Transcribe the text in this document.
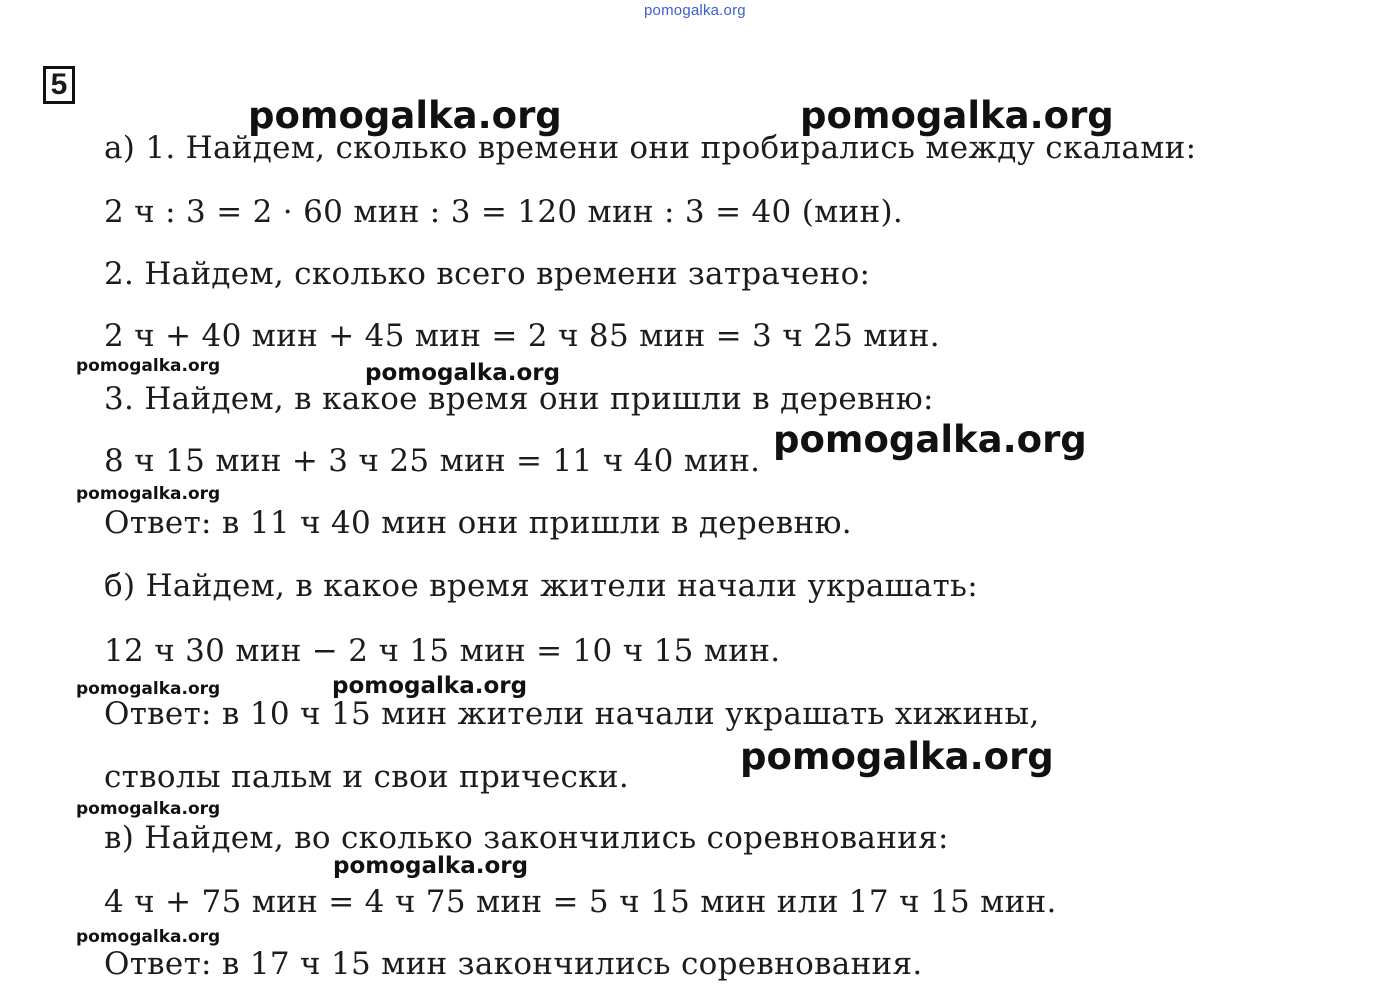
pomogalka.org
5
а) 1. Найдем, сколько времени они пробирались между скалами:
2 ч : 3 = 2 · 60 мин : 3 = 120 мин : 3 = 40 (мин).
2. Найдем, сколько всего времени затрачено:
2 ч + 40 мин + 45 мин = 2 ч 85 мин = 3 ч 25 мин.
3. Найдем, в какое время они пришли в деревню:
8 ч 15 мин + 3 ч 25 мин = 11 ч 40 мин.
Ответ: в 11 ч 40 мин они пришли в деревню.
б) Найдем, в какое время жители начали украшать:
12 ч 30 мин − 2 ч 15 мин = 10 ч 15 мин.
Ответ: в 10 ч 15 мин жители начали украшать хижины,
стволы пальм и свои прически.
в) Найдем, во сколько закончились соревнования:
4 ч + 75 мин = 4 ч 75 мин = 5 ч 15 мин или 17 ч 15 мин.
Ответ: в 17 ч 15 мин закончились соревнования.
pomogalka.org	pomogalka.org
pomogalka.org	pomogalka.org
pomogalka.org
pomogalka.org
pomogalka.org	pomogalka.org
pomogalka.org
pomogalka.org
pomogalka.org
pomogalka.org
